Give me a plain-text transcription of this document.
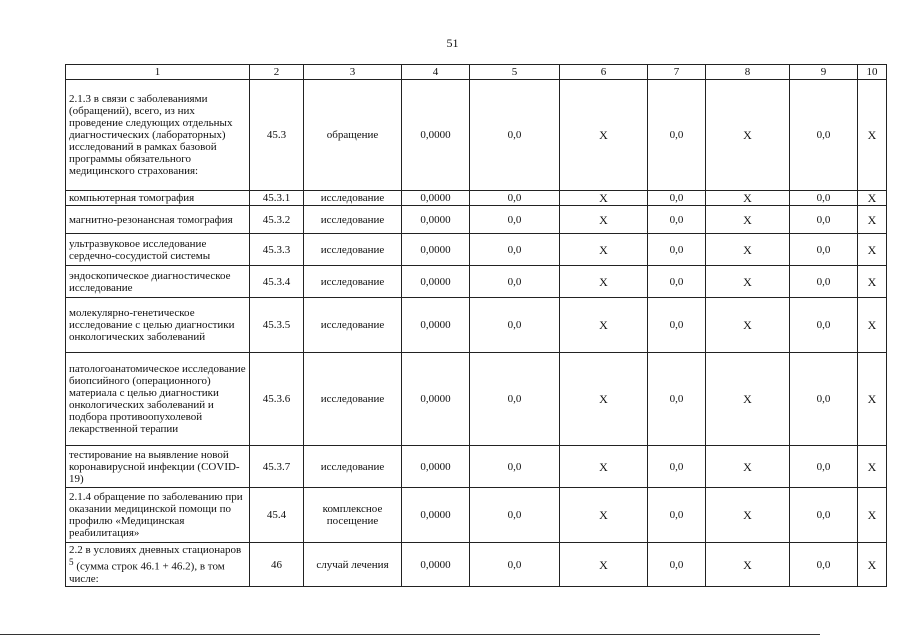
51
1	2	3	4	5	6	7	8	9	10
2.1.3 в связи с заболеваниями (обращений), всего, из них проведение следующих отдельных диагностических (лабораторных) исследований в рамках базовой программы обязательного медицинского страхования:	45.3	обращение	0,0000	0,0	Х	0,0	Х	0,0	Х
компьютерная томография	45.3.1	исследование	0,0000	0,0	Х	0,0	Х	0,0	Х
магнитно-резонансная томография	45.3.2	исследование	0,0000	0,0	Х	0,0	Х	0,0	Х
ультразвуковое исследование сердечно-сосудистой системы	45.3.3	исследование	0,0000	0,0	Х	0,0	Х	0,0	Х
эндоскопическое диагностическое исследование	45.3.4	исследование	0,0000	0,0	Х	0,0	Х	0,0	Х
молекулярно-генетическое исследование с целью диагностики онкологических заболеваний	45.3.5	исследование	0,0000	0,0	Х	0,0	Х	0,0	Х
патологоанатомическое исследование биопсийного (операционного) материала с целью диагностики онкологических заболеваний и подбора противоопухолевой лекарственной терапии	45.3.6	исследование	0,0000	0,0	Х	0,0	Х	0,0	Х
тестирование на выявление новой коронавирусной инфекции (COVID-19)	45.3.7	исследование	0,0000	0,0	Х	0,0	Х	0,0	Х
2.1.4 обращение по заболеванию при оказании медицинской помощи по профилю «Медицинская реабилитация»	45.4	комплексное посещение	0,0000	0,0	Х	0,0	Х	0,0	Х
2.2 в условиях дневных стационаров $^5$ (сумма строк 46.1 + 46.2), в том числе:	46	случай лечения	0,0000	0,0	Х	0,0	Х	0,0	Х
